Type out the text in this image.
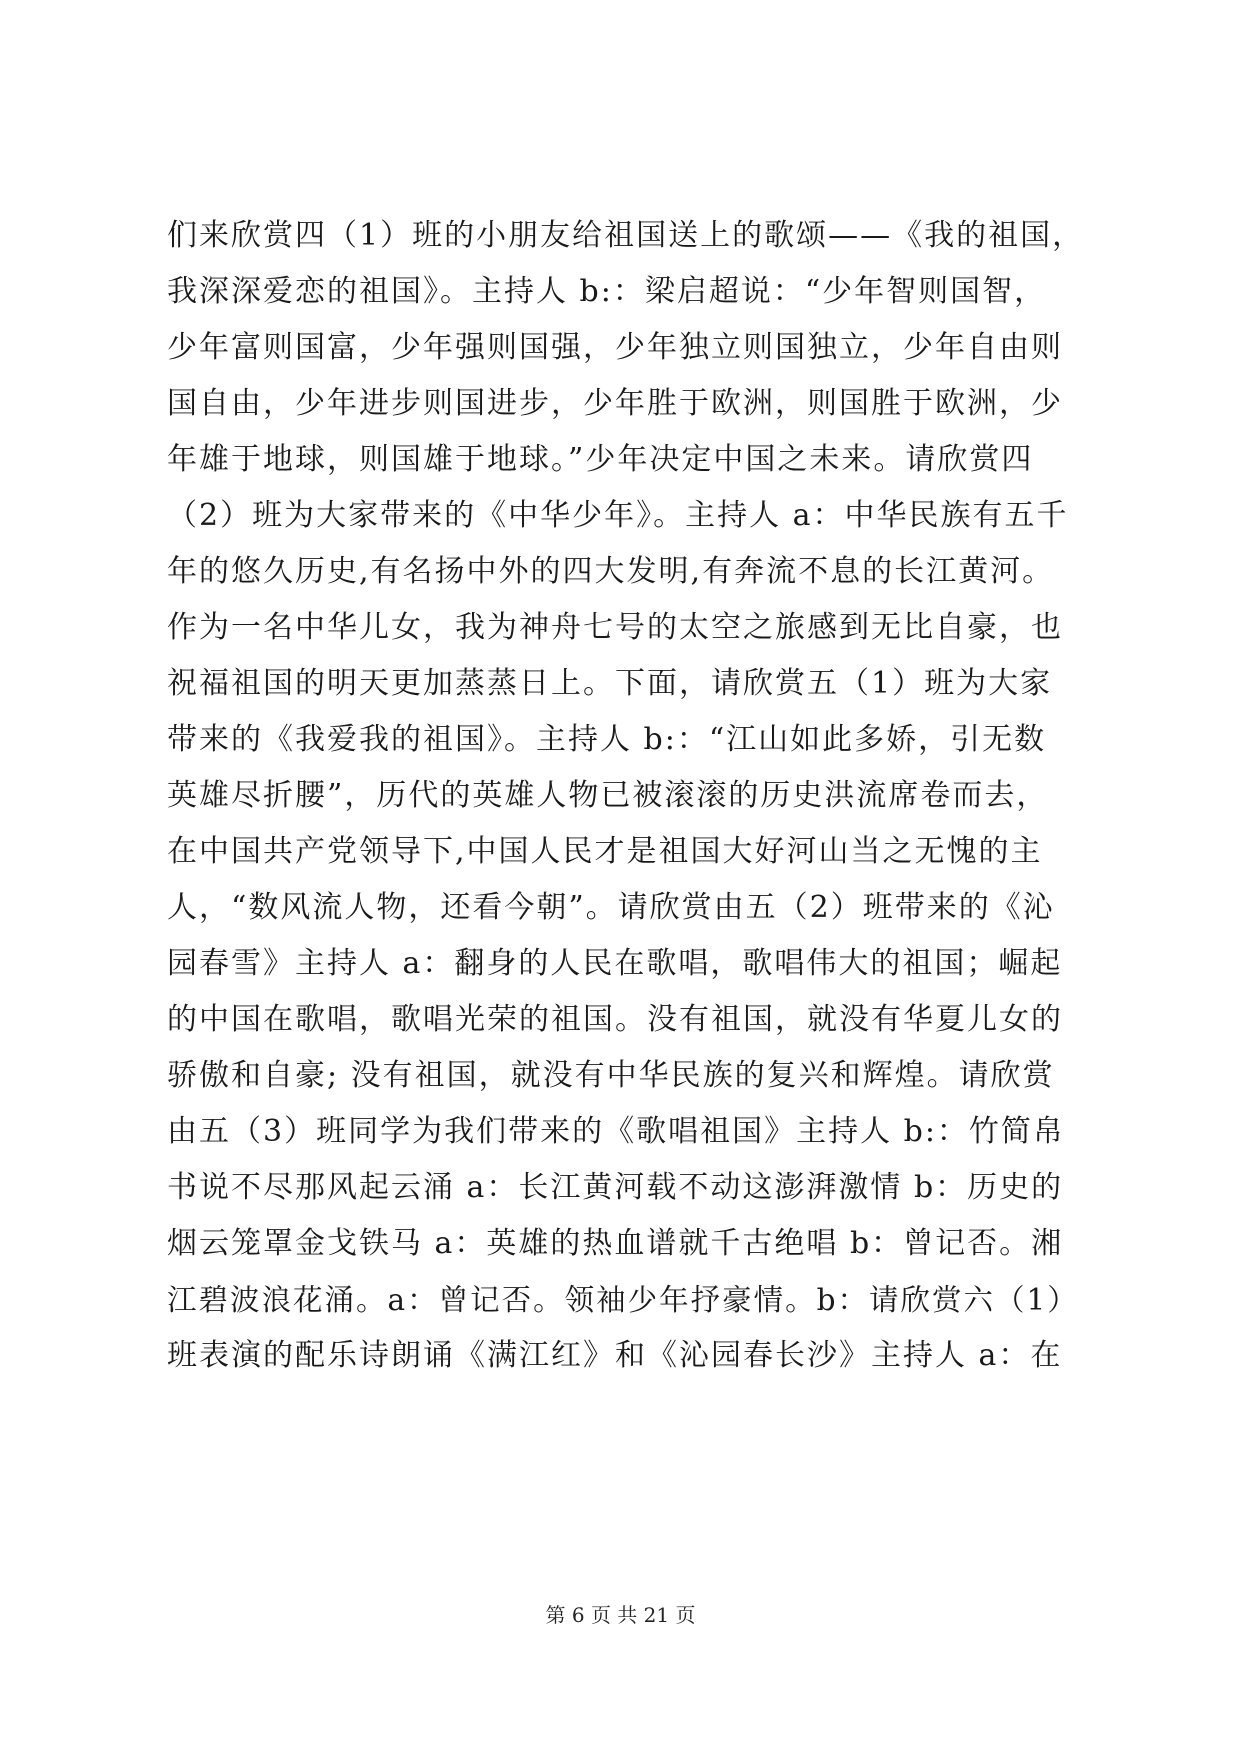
们来欣赏四（1）班的小朋友给祖国送上的歌颂——《我的祖国，
我深深爱恋的祖国》。主持人 b:：梁启超说：“少年智则国智，
少年富则国富，少年强则国强，少年独立则国独立，少年自由则
国自由，少年进步则国进步，少年胜于欧洲，则国胜于欧洲，少
年雄于地球，则国雄于地球。”少年决定中国之未来。请欣赏四
（2）班为大家带来的《中华少年》。主持人 a：中华民族有五千
年的悠久历史,有名扬中外的四大发明,有奔流不息的长江黄河。
作为一名中华儿女，我为神舟七号的太空之旅感到无比自豪，也
祝福祖国的明天更加蒸蒸日上。下面，请欣赏五（1）班为大家
带来的《我爱我的祖国》。主持人 b:：“江山如此多娇，引无数
英雄尽折腰”，历代的英雄人物已被滚滚的历史洪流席卷而去，
在中国共产党领导下,中国人民才是祖国大好河山当之无愧的主
人，“数风流人物，还看今朝”。请欣赏由五（2）班带来的《沁
园春雪》主持人 a：翻身的人民在歌唱，歌唱伟大的祖国；崛起
的中国在歌唱，歌唱光荣的祖国。没有祖国，就没有华夏儿女的
骄傲和自豪; 没有祖国，就没有中华民族的复兴和辉煌。请欣赏
由五（3）班同学为我们带来的《歌唱祖国》主持人 b:：竹简帛
书说不尽那风起云涌 a：长江黄河载不动这澎湃激情 b：历史的
烟云笼罩金戈铁马 a：英雄的热血谱就千古绝唱 b：曾记否。湘
江碧波浪花涌。a：曾记否。领袖少年抒豪情。b：请欣赏六（1）
班表演的配乐诗朗诵《满江红》和《沁园春长沙》主持人 a：在
第 6 页 共 21 页
